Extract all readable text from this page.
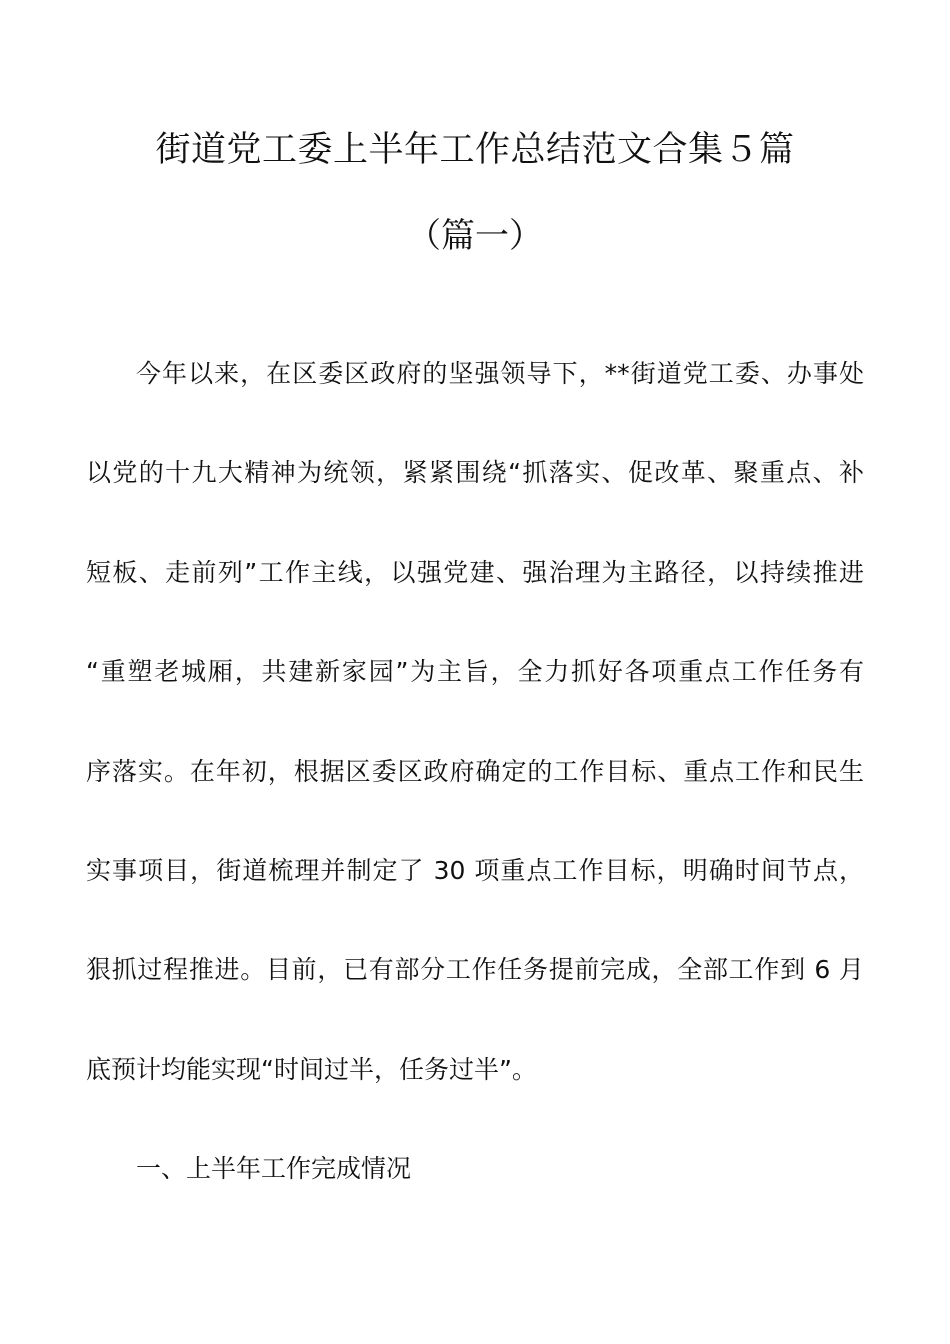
街道党工委上半年工作总结范文合集５篇
（篇一）

今年以来，在区委区政府的坚强领导下，**街道党工委、办事处

以党的十九大精神为统领，紧紧围绕“抓落实、促改革、聚重点、补

短板、走前列”工作主线，以强党建、强治理为主路径，以持续推进

“重塑老城厢，共建新家园”为主旨，全力抓好各项重点工作任务有

序落实。在年初，根据区委区政府确定的工作目标、重点工作和民生

实事项目，街道梳理并制定了 30 项重点工作目标，明确时间节点，

狠抓过程推进。目前，已有部分工作任务提前完成，全部工作到 6 月

底预计均能实现“时间过半，任务过半”。

一、上半年工作完成情况
